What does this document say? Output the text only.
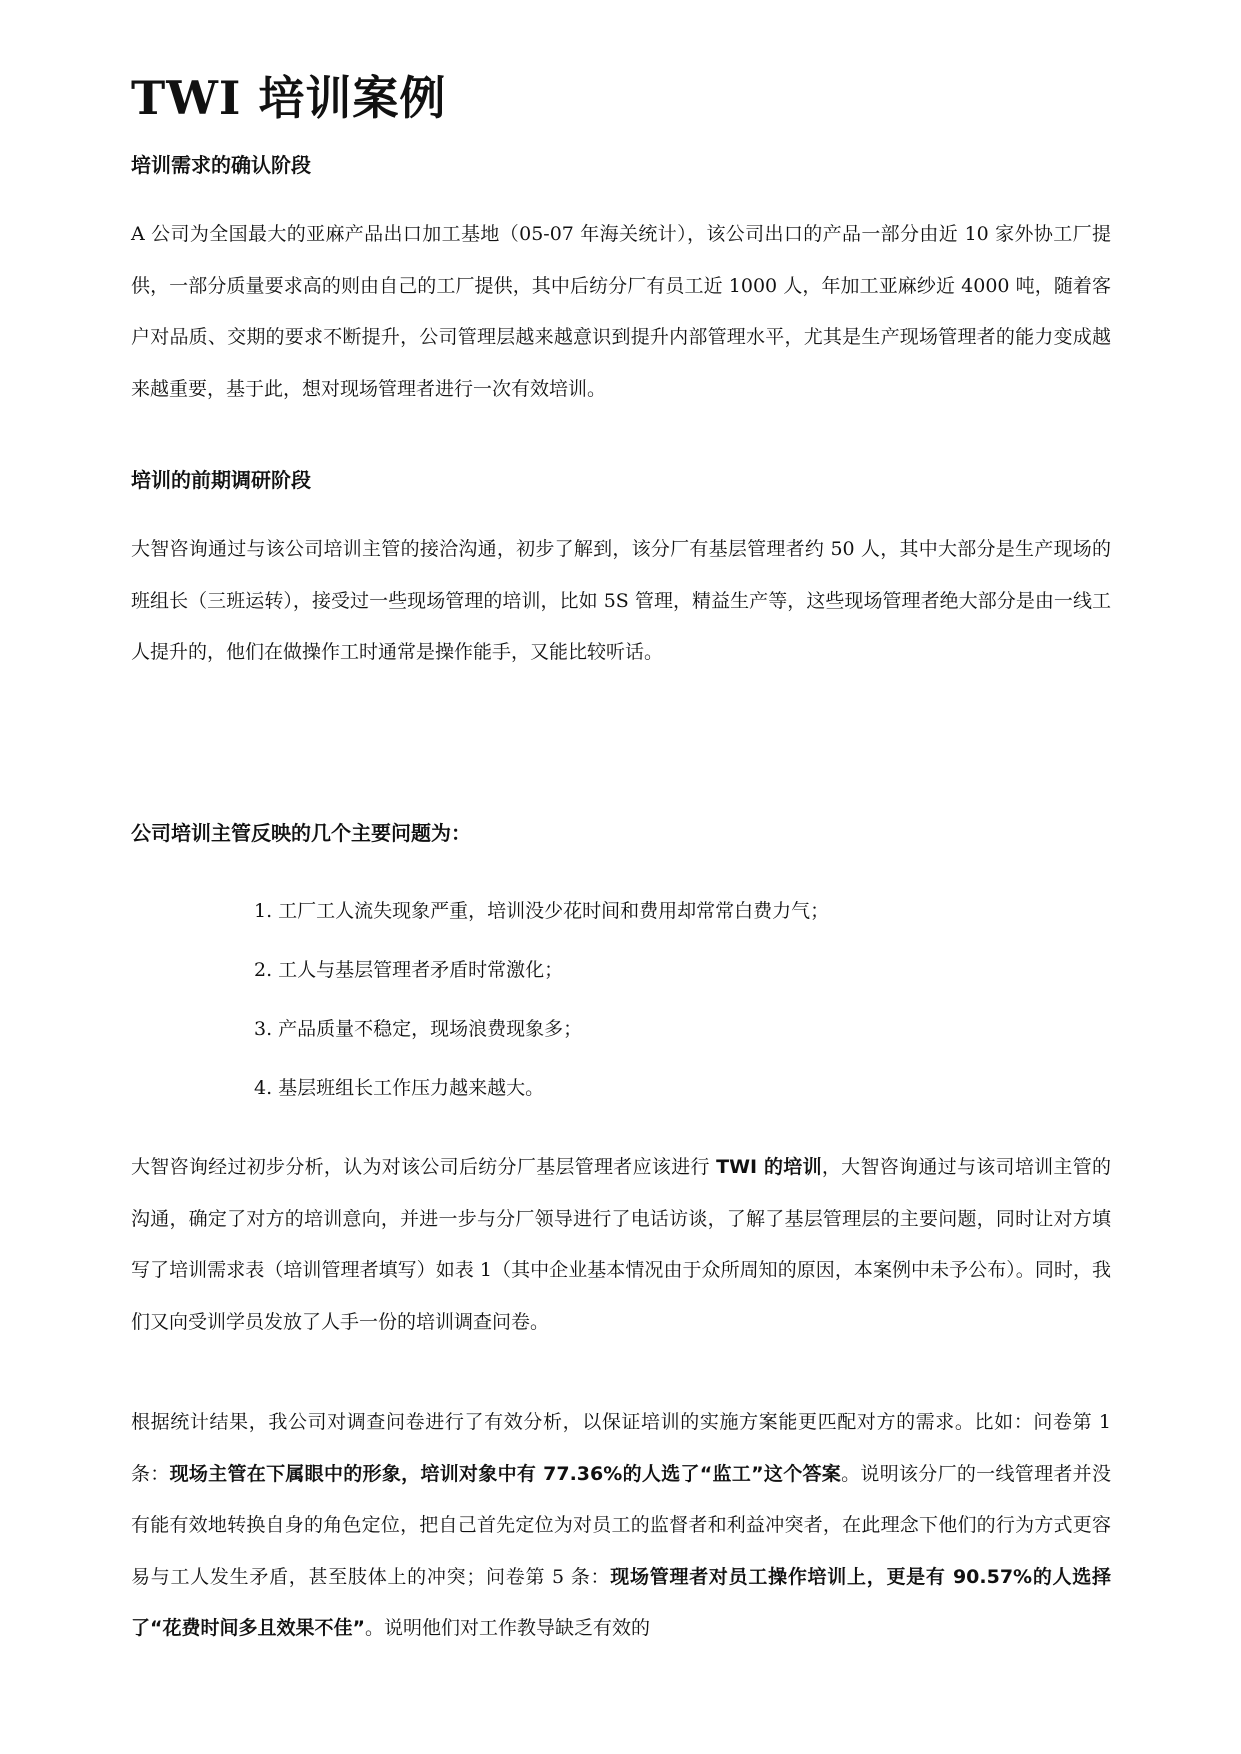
TWI 培训案例
培训需求的确认阶段

A 公司为全国最大的亚麻产品出口加工基地（05-07 年海关统计），该公司出口的产品一部分由近 10 家外协工厂提供，一部分质量要求高的则由自己的工厂提供，其中后纺分厂有员工近 1000 人，年加工亚麻纱近 4000 吨，随着客户对品质、交期的要求不断提升，公司管理层越来越意识到提升内部管理水平，尤其是生产现场管理者的能力变成越来越重要，基于此，想对现场管理者进行一次有效培训。

培训的前期调研阶段

大智咨询通过与该公司培训主管的接洽沟通，初步了解到，该分厂有基层管理者约 50 人，其中大部分是生产现场的班组长（三班运转），接受过一些现场管理的培训，比如 5S 管理，精益生产等，这些现场管理者绝大部分是由一线工人提升的，他们在做操作工时通常是操作能手，又能比较听话。

公司培训主管反映的几个主要问题为：
1. 工厂工人流失现象严重，培训没少花时间和费用却常常白费力气；
2. 工人与基层管理者矛盾时常激化；
3. 产品质量不稳定，现场浪费现象多；
4. 基层班组长工作压力越来越大。

大智咨询经过初步分析，认为对该公司后纺分厂基层管理者应该进行 TWI 的培训，大智咨询通过与该司培训主管的沟通，确定了对方的培训意向，并进一步与分厂领导进行了电话访谈，了解了基层管理层的主要问题，同时让对方填写了培训需求表（培训管理者填写）如表 1（其中企业基本情况由于众所周知的原因，本案例中未予公布）。同时，我们又向受训学员发放了人手一份的培训调查问卷。

根据统计结果，我公司对调查问卷进行了有效分析，以保证培训的实施方案能更匹配对方的需求。比如：问卷第 1 条：现场主管在下属眼中的形象，培训对象中有 77.36%的人选了“监工”这个答案。说明该分厂的一线管理者并没有能有效地转换自身的角色定位，把自己首先定位为对员工的监督者和利益冲突者，在此理念下他们的行为方式更容易与工人发生矛盾，甚至肢体上的冲突；问卷第 5 条：现场管理者对员工操作培训上，更是有 90.57%的人选择了“花费时间多且效果不佳”。说明他们对工作教导缺乏有效的
